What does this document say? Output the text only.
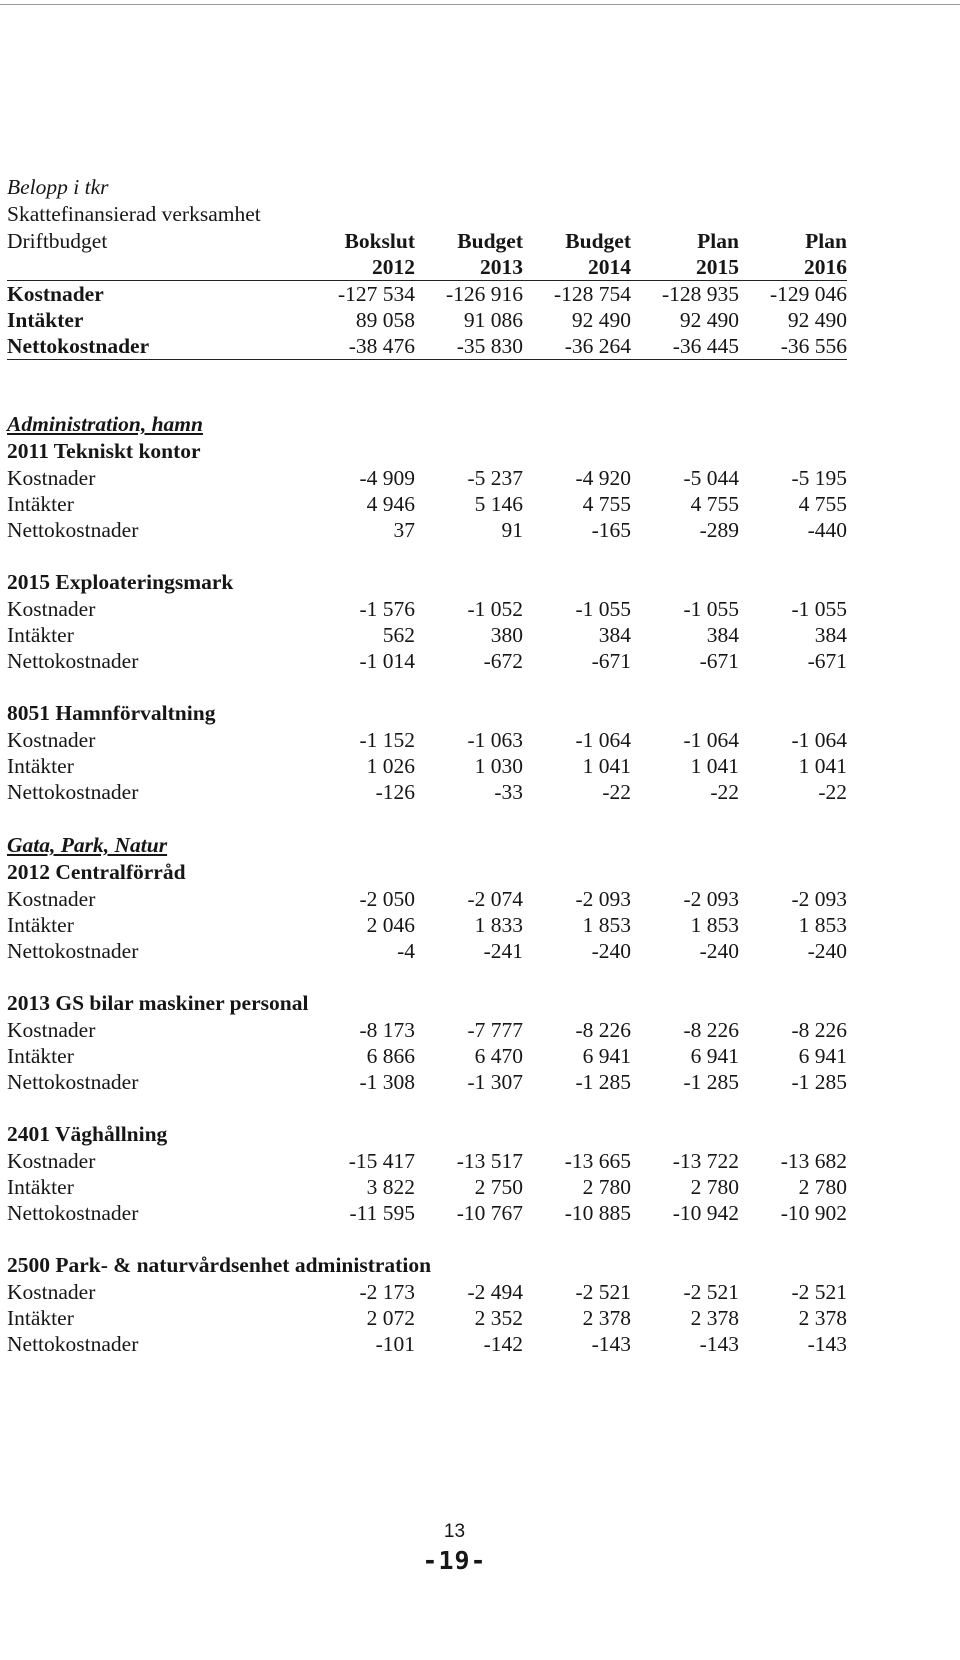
Belopp i tkr
Skattefinansierad verksamhet
Driftbudget	Bokslut	Budget	Budget	Plan	Plan
	2012	2013	2014	2015	2016
Kostnader	-127 534	-126 916	-128 754	-128 935	-129 046
Intäkter	89 058	91 086	92 490	92 490	92 490
Nettokostnader	-38 476	-35 830	-36 264	-36 445	-36 556
Administration, hamn
2011 Tekniskt kontor					
Kostnader	-4 909	-5 237	-4 920	-5 044	-5 195
Intäkter	4 946	5 146	4 755	4 755	4 755
Nettokostnader	37	91	-165	-289	-440
2015 Exploateringsmark					
Kostnader	-1 576	-1 052	-1 055	-1 055	-1 055
Intäkter	562	380	384	384	384
Nettokostnader	-1 014	-672	-671	-671	-671
8051 Hamnförvaltning					
Kostnader	-1 152	-1 063	-1 064	-1 064	-1 064
Intäkter	1 026	1 030	1 041	1 041	1 041
Nettokostnader	-126	-33	-22	-22	-22
Gata, Park, Natur
2012 Centralförråd					
Kostnader	-2 050	-2 074	-2 093	-2 093	-2 093
Intäkter	2 046	1 833	1 853	1 853	1 853
Nettokostnader	-4	-241	-240	-240	-240
2013 GS bilar maskiner personal					
Kostnader	-8 173	-7 777	-8 226	-8 226	-8 226
Intäkter	6 866	6 470	6 941	6 941	6 941
Nettokostnader	-1 308	-1 307	-1 285	-1 285	-1 285
2401 Väghållning					
Kostnader	-15 417	-13 517	-13 665	-13 722	-13 682
Intäkter	3 822	2 750	2 780	2 780	2 780
Nettokostnader	-11 595	-10 767	-10 885	-10 942	-10 902
2500 Park- & naturvårdsenhet administration					
Kostnader	-2 173	-2 494	-2 521	-2 521	-2 521
Intäkter	2 072	2 352	2 378	2 378	2 378
Nettokostnader	-101	-142	-143	-143	-143
13
-19-
